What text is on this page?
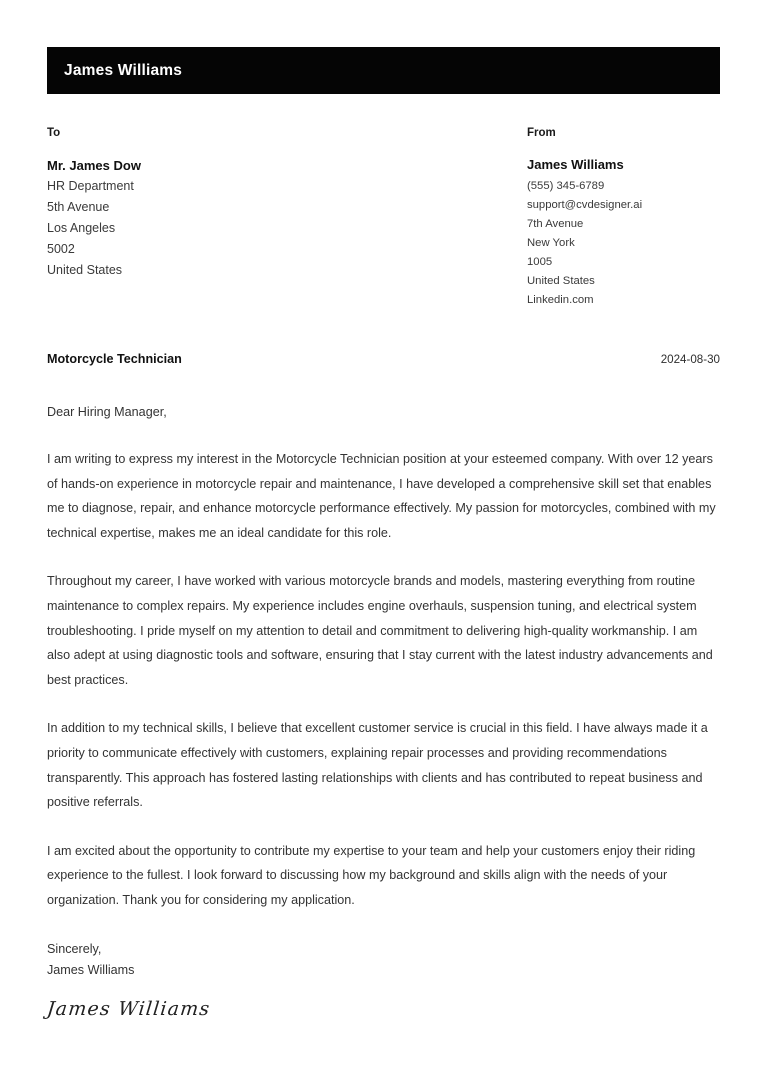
James Williams
To
Mr. James Dow
HR Department
5th Avenue
Los Angeles
5002
United States
From
James Williams
(555) 345-6789
support@cvdesigner.ai
7th Avenue
New York
1005
United States
Linkedin.com
Motorcycle Technician	2024-08-30
Dear Hiring Manager,
I am writing to express my interest in the Motorcycle Technician position at your esteemed company. With over 12 years of hands-on experience in motorcycle repair and maintenance, I have developed a comprehensive skill set that enables me to diagnose, repair, and enhance motorcycle performance effectively. My passion for motorcycles, combined with my technical expertise, makes me an ideal candidate for this role.
Throughout my career, I have worked with various motorcycle brands and models, mastering everything from routine maintenance to complex repairs. My experience includes engine overhauls, suspension tuning, and electrical system troubleshooting. I pride myself on my attention to detail and commitment to delivering high-quality workmanship. I am also adept at using diagnostic tools and software, ensuring that I stay current with the latest industry advancements and best practices.
In addition to my technical skills, I believe that excellent customer service is crucial in this field. I have always made it a priority to communicate effectively with customers, explaining repair processes and providing recommendations transparently. This approach has fostered lasting relationships with clients and has contributed to repeat business and positive referrals.
I am excited about the opportunity to contribute my expertise to your team and help your customers enjoy their riding experience to the fullest. I look forward to discussing how my background and skills align with the needs of your organization. Thank you for considering my application.
Sincerely,
James Williams
James Williams
